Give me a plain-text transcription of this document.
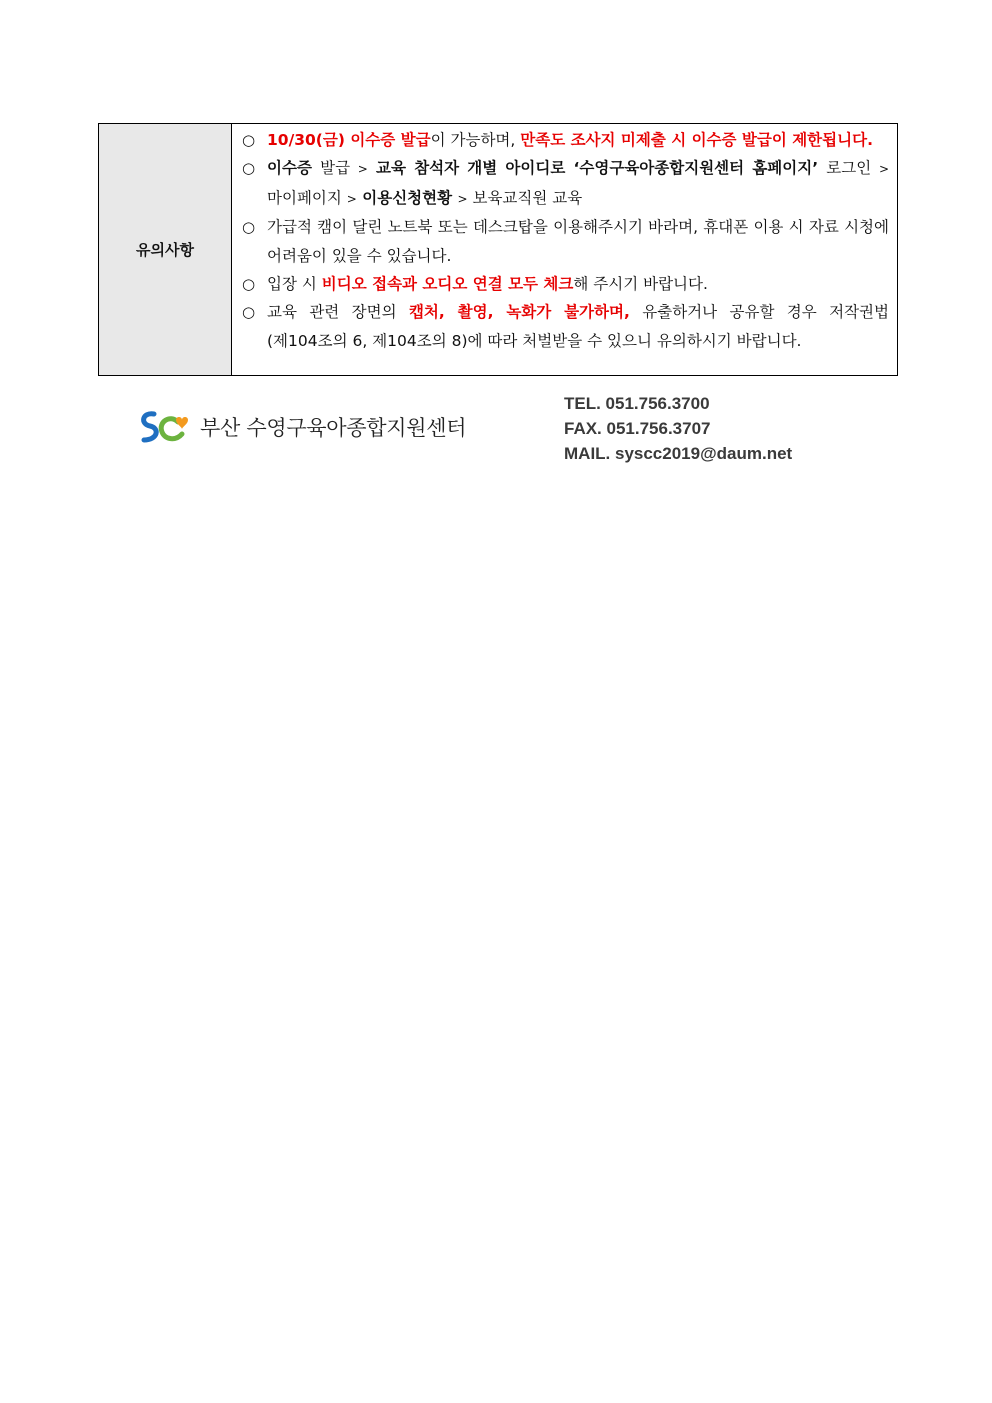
유의사항
○ 10/30(금) 이수증 발급이 가능하며, 만족도 조사지 미제출 시 이수증 발급이 제한됩니다.
○ 이수증 발급 > 교육 참석자 개별 아이디로 ‘수영구육아종합지원센터 홈페이지’ 로그인 > 마이페이지 > 이용신청현황 > 보육교직원 교육
○ 가급적 캠이 달린 노트북 또는 데스크탑을 이용해주시기 바라며, 휴대폰 이용 시 자료 시청에 어려움이 있을 수 있습니다.
○ 입장 시 비디오 접속과 오디오 연결 모두 체크해 주시기 바랍니다.
○ 교육 관련 장면의 캡처, 촬영, 녹화가 불가하며, 유출하거나 공유할 경우 저작권법(제104조의 6, 제104조의 8)에 따라 처벌받을 수 있으니 유의하시기 바랍니다.
부산 수영구육아종합지원센터
TEL. 051.756.3700
FAX. 051.756.3707
MAIL. syscc2019@daum.net
